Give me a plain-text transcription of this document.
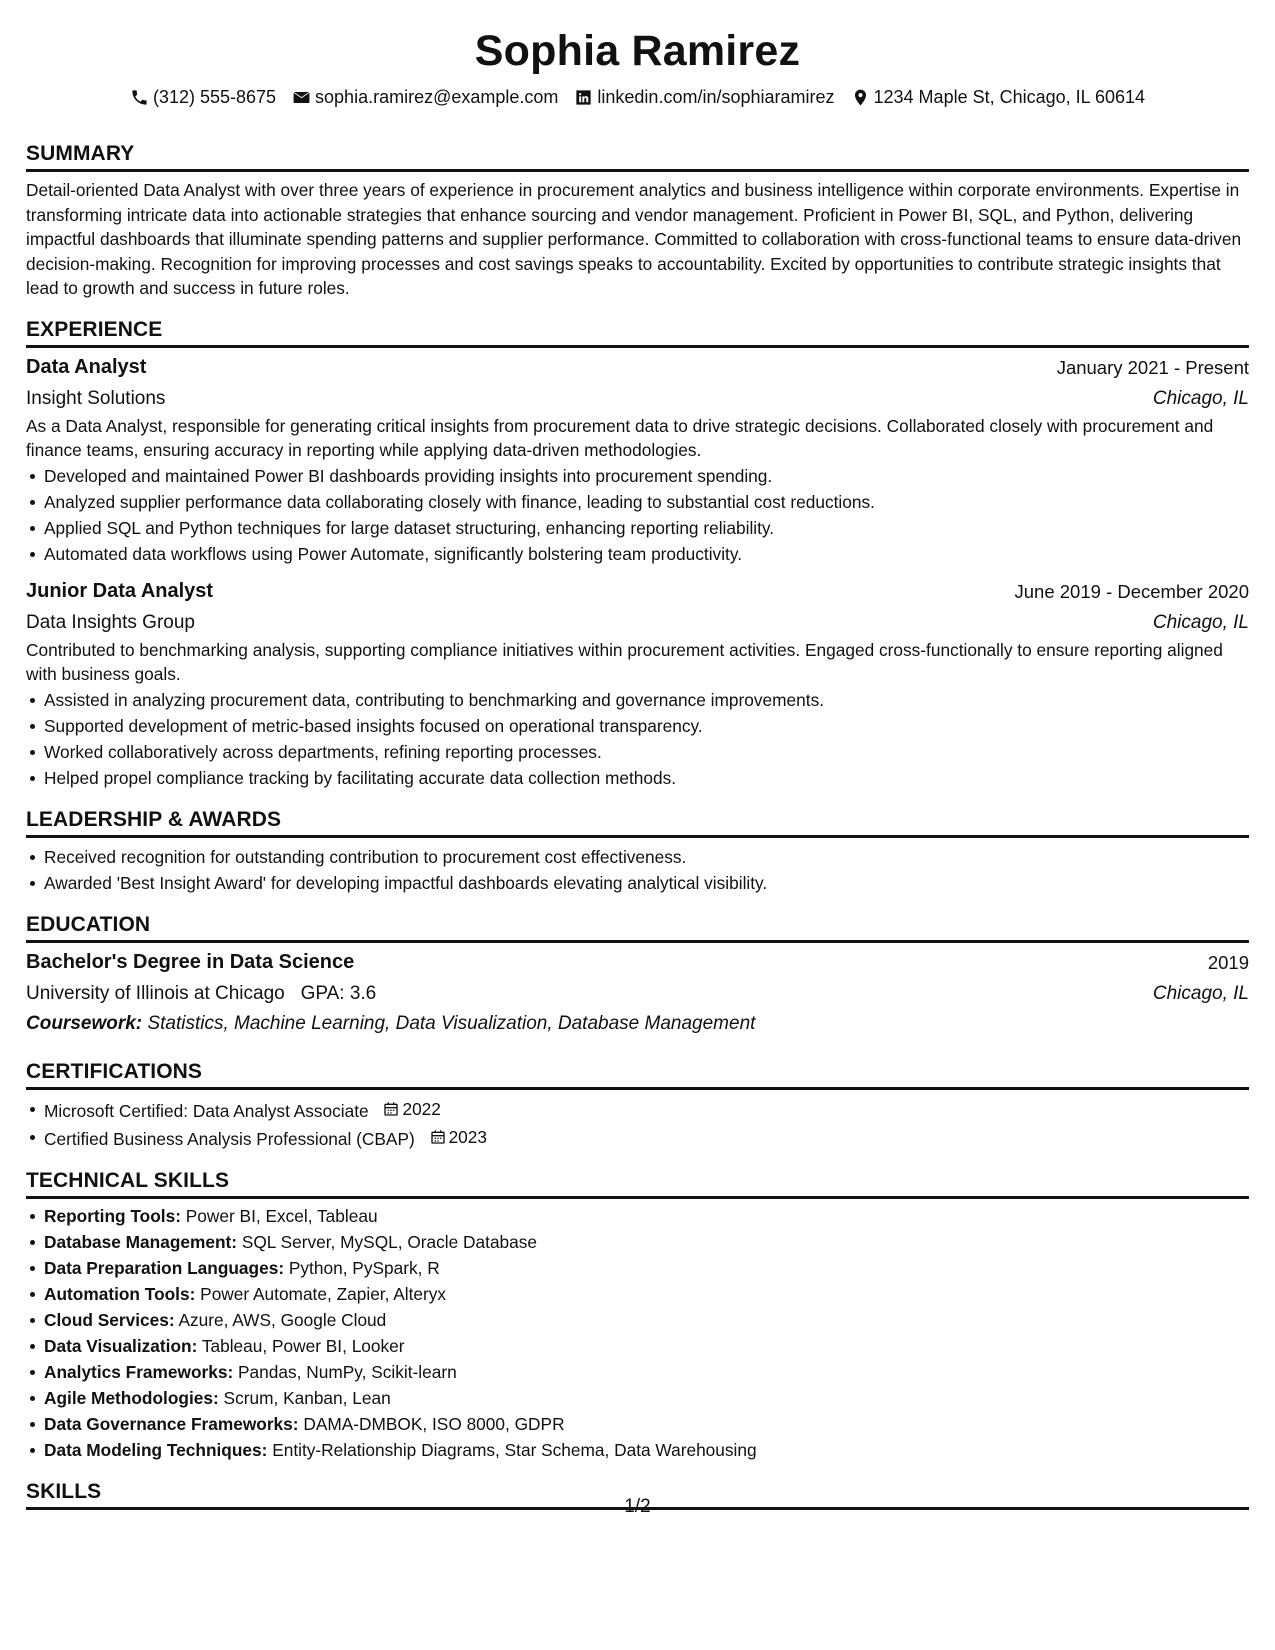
Sophia Ramirez
(312) 555-8675 sophia.ramirez@example.com linkedin.com/in/sophiaramirez 1234 Maple St, Chicago, IL 60614
SUMMARY

Detail-oriented Data Analyst with over three years of experience in procurement analytics and business intelligence within corporate environments. Expertise in transforming intricate data into actionable strategies that enhance sourcing and vendor management. Proficient in Power BI, SQL, and Python, delivering impactful dashboards that illuminate spending patterns and supplier performance. Committed to collaboration with cross-functional teams to ensure data-driven decision-making. Recognition for improving processes and cost savings speaks to accountability. Excited by opportunities to contribute strategic insights that lead to growth and success in future roles.

EXPERIENCE
Data Analyst	January 2021 - Present
Insight Solutions	Chicago, IL

As a Data Analyst, responsible for generating critical insights from procurement data to drive strategic decisions. Collaborated closely with procurement and finance teams, ensuring accuracy in reporting while applying data-driven methodologies.

Developed and maintained Power BI dashboards providing insights into procurement spending.
Analyzed supplier performance data collaborating closely with finance, leading to substantial cost reductions.
Applied SQL and Python techniques for large dataset structuring, enhancing reporting reliability.
Automated data workflows using Power Automate, significantly bolstering team productivity.
Junior Data Analyst	June 2019 - December 2020
Data Insights Group	Chicago, IL

Contributed to benchmarking analysis, supporting compliance initiatives within procurement activities. Engaged cross-functionally to ensure reporting aligned with business goals.

Assisted in analyzing procurement data, contributing to benchmarking and governance improvements.
Supported development of metric-based insights focused on operational transparency.
Worked collaboratively across departments, refining reporting processes.
Helped propel compliance tracking by facilitating accurate data collection methods.
LEADERSHIP & AWARDS
Received recognition for outstanding contribution to procurement cost effectiveness.
Awarded 'Best Insight Award' for developing impactful dashboards elevating analytical visibility.
EDUCATION
Bachelor's Degree in Data Science	2019
University of Illinois at Chicago GPA: 3.6	Chicago, IL
Coursework: Statistics, Machine Learning, Data Visualization, Database Management
CERTIFICATIONS
Microsoft Certified: Data Analyst Associate 2022
Certified Business Analysis Professional (CBAP) 2023
TECHNICAL SKILLS
Reporting Tools: Power BI, Excel, Tableau
Database Management: SQL Server, MySQL, Oracle Database
Data Preparation Languages: Python, PySpark, R
Automation Tools: Power Automate, Zapier, Alteryx
Cloud Services: Azure, AWS, Google Cloud
Data Visualization: Tableau, Power BI, Looker
Analytics Frameworks: Pandas, NumPy, Scikit-learn
Agile Methodologies: Scrum, Kanban, Lean
Data Governance Frameworks: DAMA-DMBOK, ISO 8000, GDPR
Data Modeling Techniques: Entity-Relationship Diagrams, Star Schema, Data Warehousing
SKILLS
1/2
